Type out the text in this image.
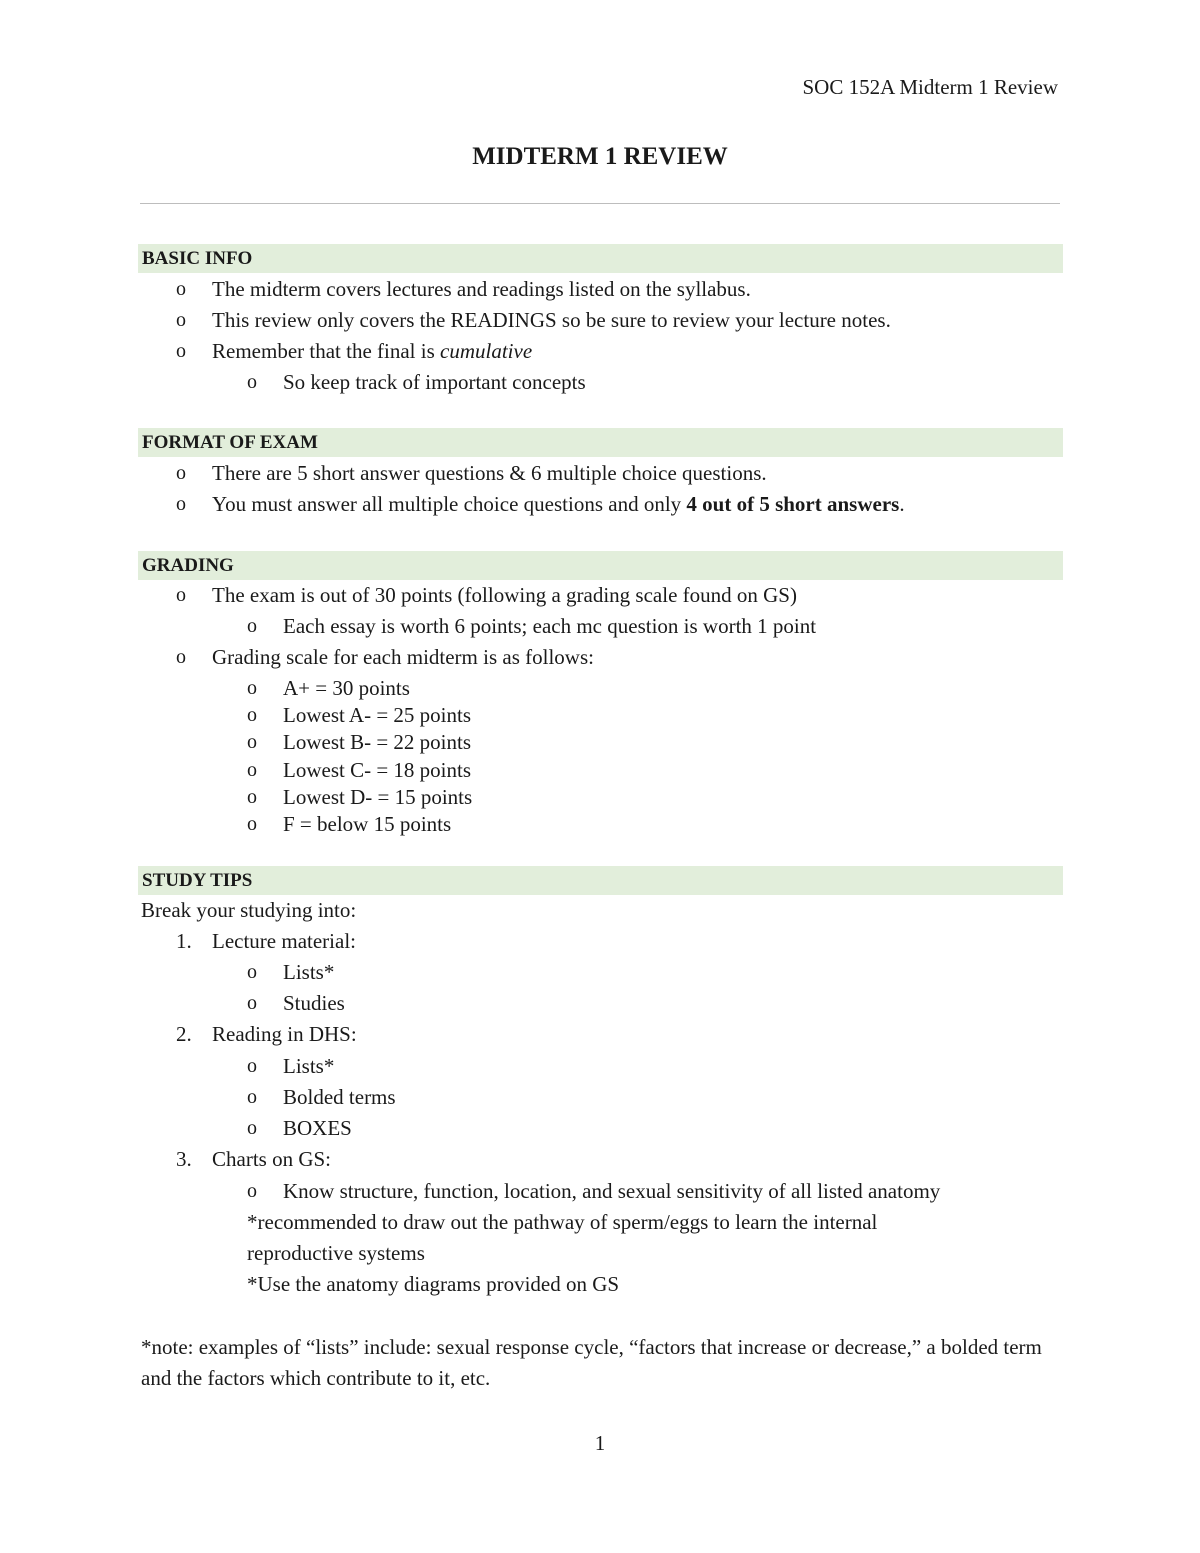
SOC 152A Midterm 1 Review
MIDTERM 1 REVIEW
BASIC INFO
o The midterm covers lectures and readings listed on the syllabus.
o This review only covers the READINGS so be sure to review your lecture notes.
o Remember that the final is cumulative
o So keep track of important concepts
FORMAT OF EXAM
o There are 5 short answer questions & 6 multiple choice questions.
o You must answer all multiple choice questions and only 4 out of 5 short answers.
GRADING
o The exam is out of 30 points (following a grading scale found on GS)
o Each essay is worth 6 points; each mc question is worth 1 point
o Grading scale for each midterm is as follows:
o A+ = 30 points
o Lowest A- = 25 points
o Lowest B- = 22 points
o Lowest C- = 18 points
o Lowest D- = 15 points
o F = below 15 points
STUDY TIPS
Break your studying into:
1. Lecture material:
o Lists*
o Studies
2. Reading in DHS:
o Lists*
o Bolded terms
o BOXES
3. Charts on GS:
o Know structure, function, location, and sexual sensitivity of all listed anatomy
*recommended to draw out the pathway of sperm/eggs to learn the internal
reproductive systems
*Use the anatomy diagrams provided on GS
*note: examples of “lists” include: sexual response cycle, “factors that increase or decrease,” a bolded term and the factors which contribute to it, etc.
1
